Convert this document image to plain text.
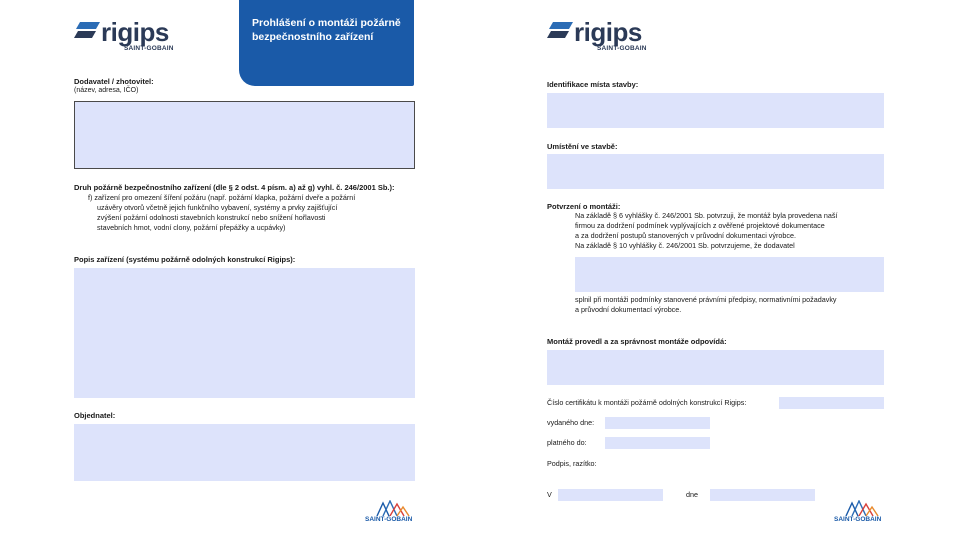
rigips
SAINT-GOBAIN
Prohlášení o montáži požárně bezpečnostního zařízení
Dodavatel / zhotovitel:
(název, adresa, IČO)
Druh požárně bezpečnostního zařízení (dle § 2 odst. 4 písm. a) až g) vyhl. č. 246/2001 Sb.):
f) zařízení pro omezení šíření požáru (např. požární klapka, požární dveře a požární
uzávěry otvorů včetně jejich funkčního vybavení, systémy a prvky zajišťující
zvýšení požární odolnosti stavebních konstrukcí nebo snížení hořlavosti
stavebních hmot, vodní clony, požární přepážky a ucpávky)
Popis zařízení (systému požárně odolných konstrukcí Rigips):
Objednatel:
SAINT-GOBAIN
rigips
SAINT-GOBAIN
Identifikace místa stavby:
Umístění ve stavbě:
Potvrzení o montáži:
Na základě § 6 vyhlášky č. 246/2001 Sb. potvrzuji, že montáž byla provedena naší
firmou za dodržení podmínek vyplývajících z ověřené projektové dokumentace
a za dodržení postupů stanovených v průvodní dokumentaci výrobce.
Na základě § 10 vyhlášky č. 246/2001 Sb. potvrzujeme, že dodavatel
splnil při montáži podmínky stanovené právními předpisy, normativními požadavky
a průvodní dokumentací výrobce.
Montáž provedl a za správnost montáže odpovídá:
Číslo certifikátu k montáži požárně odolných konstrukcí Rigips:
vydaného dne:
platného do:
Podpis, razítko:
V	dne
SAINT-GOBAIN
